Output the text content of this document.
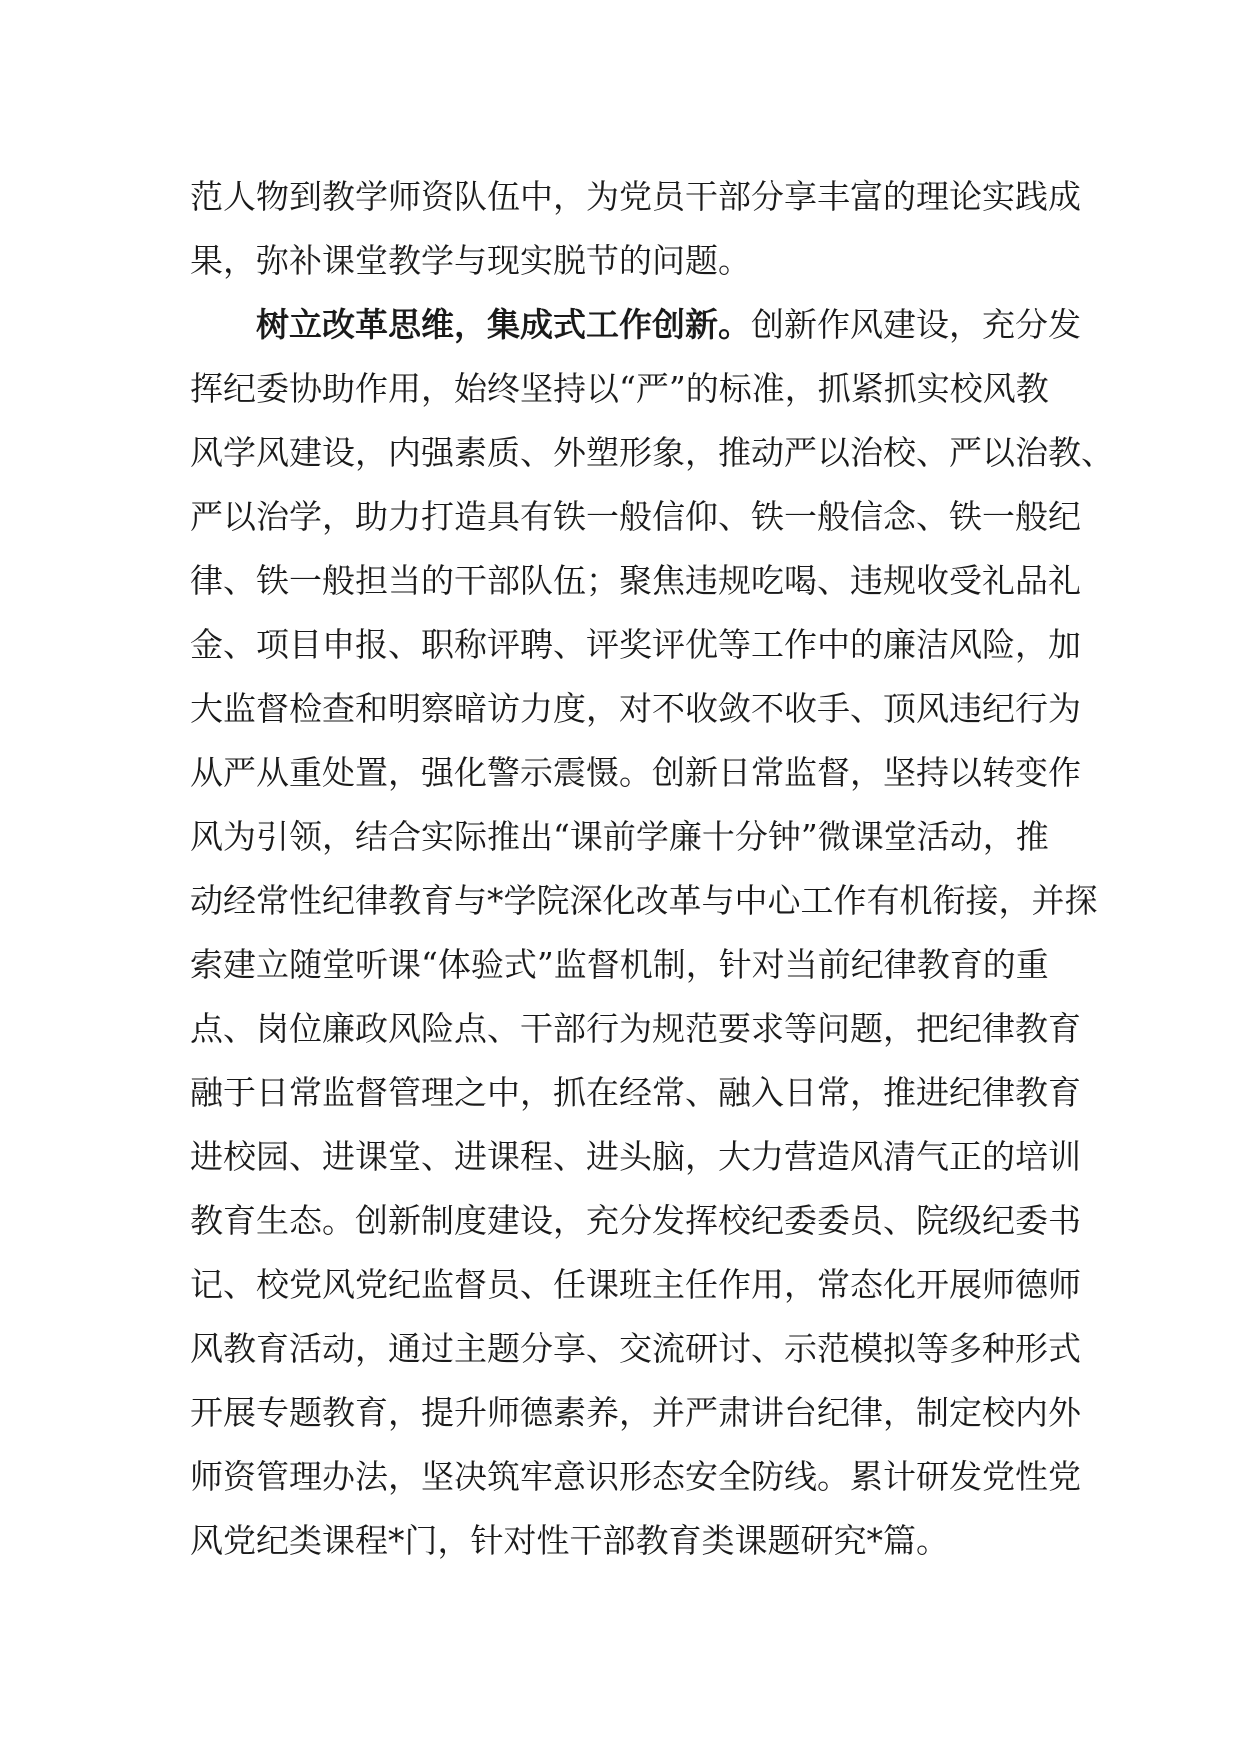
范人物到教学师资队伍中，为党员干部分享丰富的理论实践成
果，弥补课堂教学与现实脱节的问题。
树立改革思维，集成式工作创新。创新作风建设，充分发
挥纪委协助作用，始终坚持以“严”的标准，抓紧抓实校风教
风学风建设，内强素质、外塑形象，推动严以治校、严以治教、
严以治学，助力打造具有铁一般信仰、铁一般信念、铁一般纪
律、铁一般担当的干部队伍；聚焦违规吃喝、违规收受礼品礼
金、项目申报、职称评聘、评奖评优等工作中的廉洁风险，加
大监督检查和明察暗访力度，对不收敛不收手、顶风违纪行为
从严从重处置，强化警示震慑。创新日常监督，坚持以转变作
风为引领，结合实际推出“课前学廉十分钟”微课堂活动，推
动经常性纪律教育与*学院深化改革与中心工作有机衔接，并探
索建立随堂听课“体验式”监督机制，针对当前纪律教育的重
点、岗位廉政风险点、干部行为规范要求等问题，把纪律教育
融于日常监督管理之中，抓在经常、融入日常，推进纪律教育
进校园、进课堂、进课程、进头脑，大力营造风清气正的培训
教育生态。创新制度建设，充分发挥校纪委委员、院级纪委书
记、校党风党纪监督员、任课班主任作用，常态化开展师德师
风教育活动，通过主题分享、交流研讨、示范模拟等多种形式
开展专题教育，提升师德素养，并严肃讲台纪律，制定校内外
师资管理办法，坚决筑牢意识形态安全防线。累计研发党性党
风党纪类课程*门，针对性干部教育类课题研究*篇。
